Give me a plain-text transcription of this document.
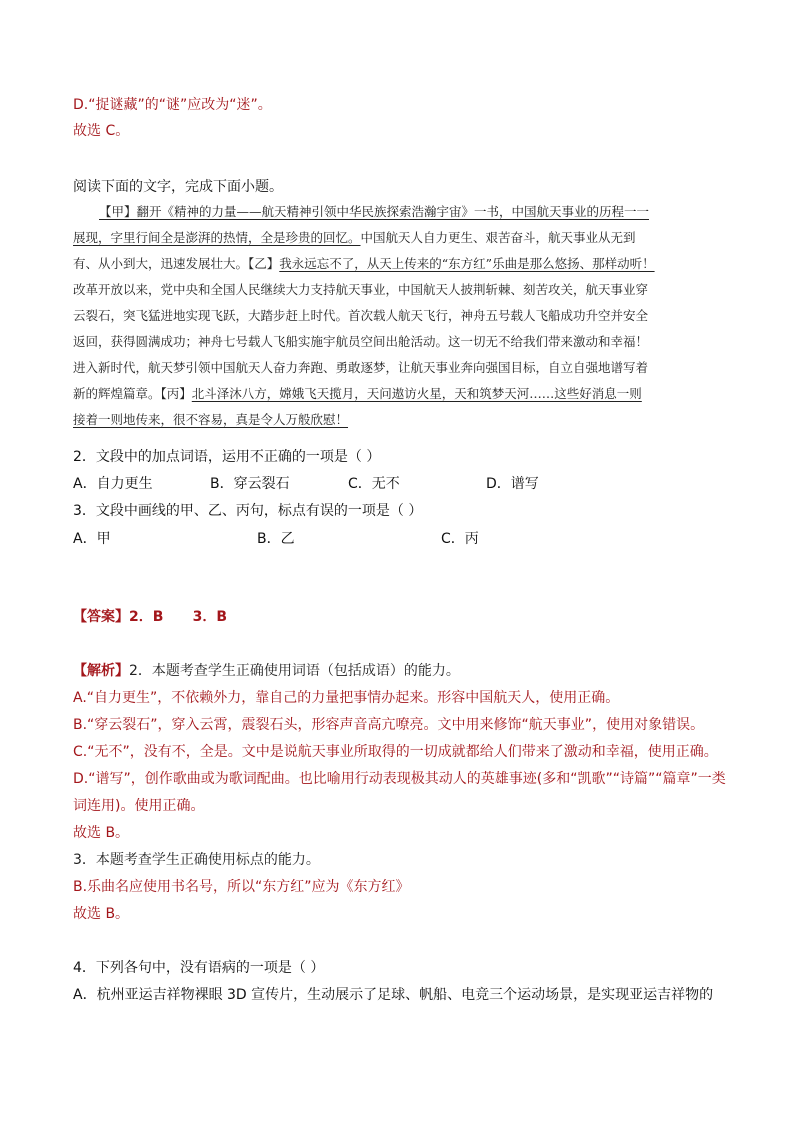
D.“捉谜藏”的“谜”应改为“迷”。
故选 C。
阅读下面的文字，完成下面小题。
【甲】翻开《精神的力量——航天精神引领中华民族探索浩瀚宇宙》一书，中国航天事业的历程一一
展现，字里行间全是澎湃的热情，全是珍贵的回忆。中国航天人自力更生、艰苦奋斗，航天事业从无到
有、从小到大，迅速发展壮大。【乙】我永远忘不了，从天上传来的“东方红”乐曲是那么悠扬、那样动听！
改革开放以来，党中央和全国人民继续大力支持航天事业，中国航天人披荆斩棘、刻苦攻关，航天事业穿
云裂石，突飞猛进地实现飞跃，大踏步赶上时代。首次载人航天飞行，神舟五号载人飞船成功升空并安全
返回，获得圆满成功；神舟七号载人飞船实施宇航员空间出舱活动。这一切无不给我们带来激动和幸福！
进入新时代，航天梦引领中国航天人奋力奔跑、勇敢逐梦，让航天事业奔向强国目标，自立自强地谱写着
新的辉煌篇章。【丙】北斗泽沐八方，嫦娥飞天揽月，天问遨访火星，天和筑梦天河……这些好消息一则
接着一则地传来，很不容易，真是令人万般欣慰！
2．文段中的加点词语，运用不正确的一项是（ ）
A．自力更生	B．穿云裂石	C．无不	D．谱写
3．文段中画线的甲、乙、丙句，标点有误的一项是（ ）
A．甲	B．乙	C．丙
【答案】2．B      3．B
【解析】2．本题考查学生正确使用词语（包括成语）的能力。
A.“自力更生”，不依赖外力，靠自己的力量把事情办起来。形容中国航天人，使用正确。
B.“穿云裂石”，穿入云霄，震裂石头，形容声音高亢嘹亮。文中用来修饰“航天事业”，使用对象错误。
C.“无不”，没有不，全是。文中是说航天事业所取得的一切成就都给人们带来了激动和幸福，使用正确。
D.“谱写”，创作歌曲或为歌词配曲。也比喻用行动表现极其动人的英雄事迹(多和“凯歌”“诗篇”“篇章”一类
词连用)。使用正确。
故选 B。
3．本题考查学生正确使用标点的能力。
B.乐曲名应使用书名号，所以“东方红”应为《东方红》
故选 B。
4．下列各句中，没有语病的一项是（ ）
A．杭州亚运吉祥物裸眼 3D 宣传片，生动展示了足球、帆船、电竞三个运动场景，是实现亚运吉祥物的
